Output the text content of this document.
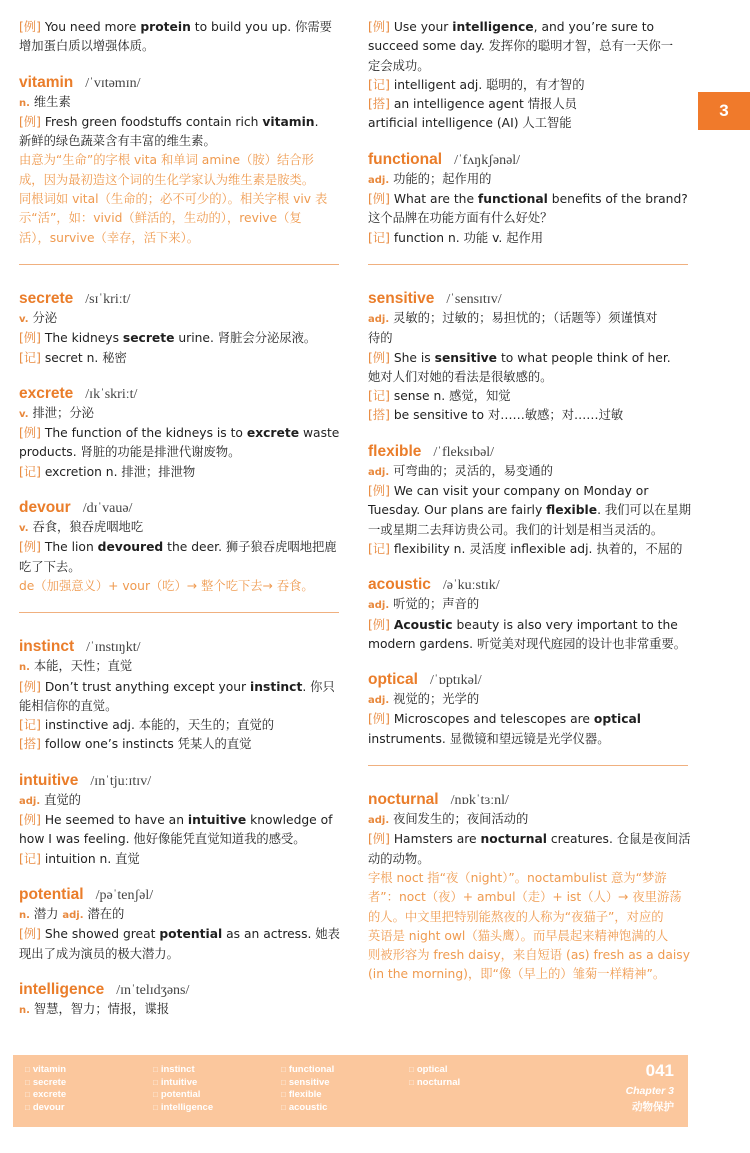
[例] You need more protein to build you up. 你需要
增加蛋白质以增强体质。
vitamin /ˈvɪtəmɪn/
n. 维生素
[例] Fresh green foodstuffs contain rich vitamin.
新鲜的绿色蔬菜含有丰富的维生素。
由意为“生命”的字根 vita 和单词 amine（胺）结合形
成，因为最初造这个词的生化学家认为维生素是胺类。
同根词如 vital（生命的；必不可少的）。相关字根 viv 表
示“活”，如：vivid（鲜活的，生动的），revive（复
活），survive（幸存，活下来）。
secrete /sɪˈkriːt/
v. 分泌
[例] The kidneys secrete urine. 肾脏会分泌尿液。
[记] secret n. 秘密
excrete /ɪkˈskriːt/
v. 排泄；分泌
[例] The function of the kidneys is to excrete waste
products. 肾脏的功能是排泄代谢废物。
[记] excretion n. 排泄；排泄物
devour /dɪˈvauə/
v. 吞食，狼吞虎咽地吃
[例] The lion devoured the deer. 狮子狼吞虎咽地把鹿
吃了下去。
de（加强意义）+ vour（吃）→ 整个吃下去→ 吞食。
instinct /ˈɪnstɪŋkt/
n. 本能，天性；直觉
[例] Don’t trust anything except your instinct. 你只
能相信你的直觉。
[记] instinctive adj. 本能的，天生的；直觉的
[搭] follow one’s instincts 凭某人的直觉
intuitive /ɪnˈtjuːɪtɪv/
adj. 直觉的
[例] He seemed to have an intuitive knowledge of
how I was feeling. 他好像能凭直觉知道我的感受。
[记] intuition n. 直觉
potential /pəˈtenʃəl/
n. 潜力 adj. 潜在的
[例] She showed great potential as an actress. 她表
现出了成为演员的极大潜力。
intelligence /ɪnˈtelɪdʒəns/
n. 智慧，智力；情报，谍报
[例] Use your intelligence, and you’re sure to
succeed some day. 发挥你的聪明才智，总有一天你一
定会成功。
[记] intelligent adj. 聪明的，有才智的
[搭] an intelligence agent 情报人员
artificial intelligence (AI) 人工智能
functional /ˈfʌŋkʃənəl/
adj. 功能的；起作用的
[例] What are the functional benefits of the brand?
这个品牌在功能方面有什么好处？
[记] function n. 功能 v. 起作用
sensitive /ˈsensɪtɪv/
adj. 灵敏的；过敏的；易担忧的；（话题等）须谨慎对
待的
[例] She is sensitive to what people think of her.
她对人们对她的看法是很敏感的。
[记] sense n. 感觉，知觉
[搭] be sensitive to 对……敏感；对……过敏
flexible /ˈfleksɪbəl/
adj. 可弯曲的；灵活的，易变通的
[例] We can visit your company on Monday or
Tuesday. Our plans are fairly flexible. 我们可以在星期
一或星期二去拜访贵公司。我们的计划是相当灵活的。
[记] flexibility n. 灵活度 inflexible adj. 执着的，不屈的
acoustic /əˈkuːstɪk/
adj. 听觉的；声音的
[例] Acoustic beauty is also very important to the
modern gardens. 听觉美对现代庭园的设计也非常重要。
optical /ˈɒptɪkəl/
adj. 视觉的；光学的
[例] Microscopes and telescopes are optical
instruments. 显微镜和望远镜是光学仪器。
nocturnal /nɒkˈtɜːnl/
adj. 夜间发生的；夜间活动的
[例] Hamsters are nocturnal creatures. 仓鼠是夜间活
动的动物。
字根 noct 指“夜（night）”。noctambulist 意为“梦游
者”：noct（夜）+ ambul（走）+ ist（人）→ 夜里游荡
的人。中文里把特别能熬夜的人称为“夜猫子”，对应的
英语是 night owl（猫头鹰）。而早晨起来精神饱满的人
则被形容为 fresh daisy，来自短语 (as) fresh as a daisy
(in the morning)，即“像（早上的）雏菊一样精神”。
3
□ vitamin
□ secrete
□ excrete
□ devour
□ instinct
□ intuitive
□ potential
□ intelligence
□ functional
□ sensitive
□ flexible
□ acoustic
□ optical
□ nocturnal
041
Chapter 3
动物保护
